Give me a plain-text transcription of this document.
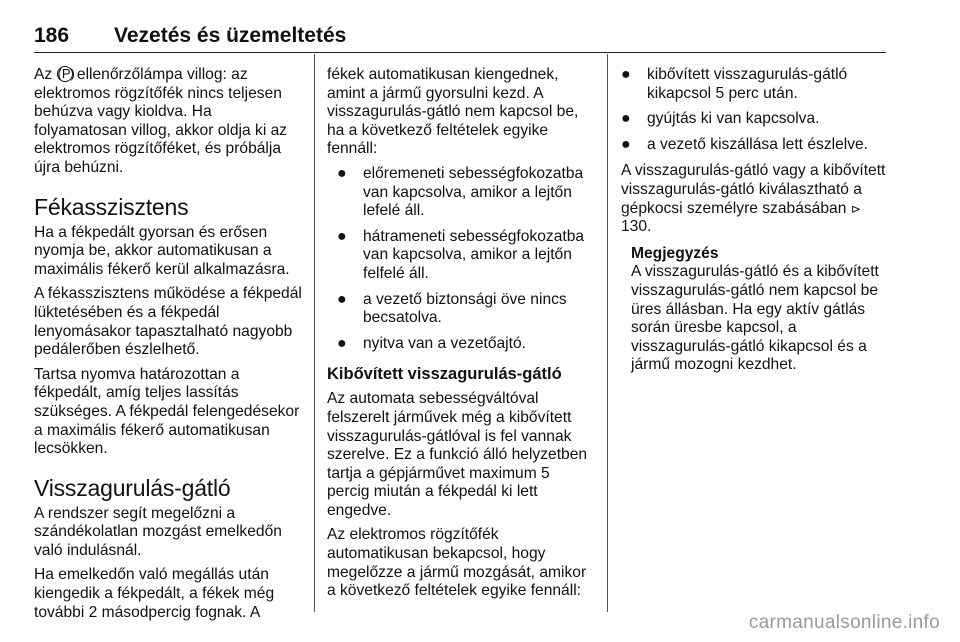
186 Vezetés és üzemeltetés

Az (P) ellenőrzőlámpa villog: az elektromos rögzítőfék nincs teljesen behúzva vagy kioldva. Ha folyamatosan villog, akkor oldja ki az elektromos rögzítőféket, és próbálja újra behúzni.

Fékasszisztens

Ha a fékpedált gyorsan és erősen nyomja be, akkor automatikusan a maximális fékerő kerül alkalmazásra.

A fékasszisztens működése a fékpedál lüktetésében és a fékpedál lenyomásakor tapasztalható nagyobb pedálerőben észlelhető.

Tartsa nyomva határozottan a fékpedált, amíg teljes lassítás szükséges. A fékpedál felengedésekor a maximális fékerő automatikusan lecsökken.

Visszagurulás-gátló

A rendszer segít megelőzni a szándékolatlan mozgást emelkedőn való indulásnál.

Ha emelkedőn való megállás után kiengedik a fékpedált, a fékek még további 2 másodpercig fognak. A

fékek automatikusan kiengednek, amint a jármű gyorsulni kezd. A visszagurulás-gátló nem kapcsol be, ha a következő feltételek egyike fennáll:

● előremeneti sebességfokozatba van kapcsolva, amikor a lejtőn lefelé áll.
● hátrameneti sebességfokozatba van kapcsolva, amikor a lejtőn felfelé áll.
● a vezető biztonsági öve nincs becsatolva.
● nyitva van a vezetőajtó.
Kibővített visszagurulás-gátló

Az automata sebességváltóval felszerelt járművek még a kibővített visszagurulás-gátlóval is fel vannak szerelve. Ez a funkció álló helyzetben tartja a gépjárművet maximum 5 percig miután a fékpedál ki lett engedve.

Az elektromos rögzítőfék automatikusan bekapcsol, hogy megelőzze a jármű mozgását, amikor a következő feltételek egyike fennáll:

● kibővített visszagurulás-gátló kikapcsol 5 perc után.
● gyújtás ki van kapcsolva.
● a vezető kiszállása lett észlelve.

A visszagurulás-gátló vagy a kibővített visszagurulás-gátló kiválasztható a gépkocsi személyre szabásában ⊳ 130.

Megjegyzés
A visszagurulás-gátló és a kibővített visszagurulás-gátló nem kapcsol be üres állásban. Ha egy aktív gátlás során üresbe kapcsol, a visszagurulás-gátló kikapcsol és a jármű mozogni kezdhet.
carmanualsonline.info
